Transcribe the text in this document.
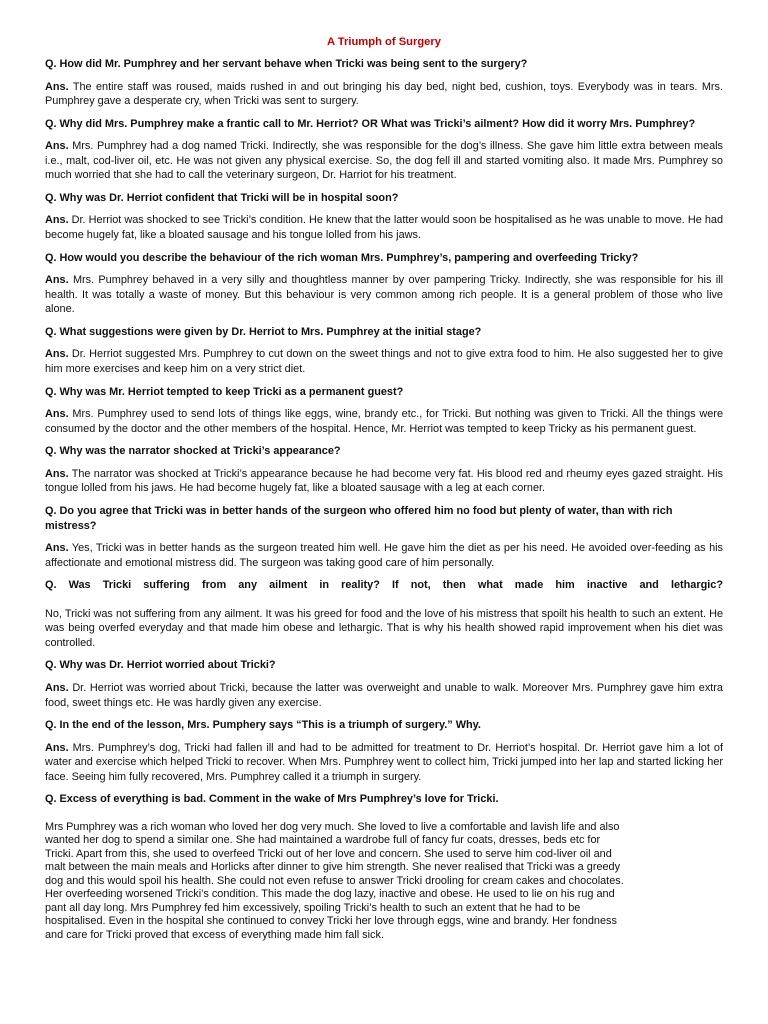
A Triumph of Surgery
Q. How did Mr. Pumphrey and her servant behave when Tricki was being sent to the surgery?
Ans. The entire staff was roused, maids rushed in and out bringing his day bed, night bed, cushion, toys. Everybody was in tears. Mrs. Pumphrey gave a desperate cry, when Tricki was sent to surgery.
Q. Why did Mrs. Pumphrey make a frantic call to Mr. Herriot? OR What was Tricki’s ailment? How did it worry Mrs. Pumphrey?
Ans. Mrs. Pumphrey had a dog named Tricki. Indirectly, she was responsible for the dog’s illness. She gave him little extra between meals i.e., malt, cod-liver oil, etc. He was not given any physical exercise. So, the dog fell ill and started vomiting also. It made Mrs. Pumphrey so much worried that she had to call the veterinary surgeon, Dr. Harriot for his treatment.
Q. Why was Dr. Herriot confident that Tricki will be in hospital soon?
Ans. Dr. Herriot was shocked to see Tricki’s condition. He knew that the latter would soon be hospitalised as he was unable to move. He had become hugely fat, like a bloated sausage and his tongue lolled from his jaws.
Q. How would you describe the behaviour of the rich woman Mrs. Pumphrey’s, pampering and overfeeding Tricky?
Ans. Mrs. Pumphrey behaved in a very silly and thoughtless manner by over pampering Tricky. Indirectly, she was responsible for his ill health. It was totally a waste of money. But this behaviour is very common among rich people. It is a general problem of those who live alone.
Q. What suggestions were given by Dr. Herriot to Mrs. Pumphrey at the initial stage?
Ans. Dr. Herriot suggested Mrs. Pumphrey to cut down on the sweet things and not to give extra food to him. He also suggested her to give him more exercises and keep him on a very strict diet.
Q. Why was Mr. Herriot tempted to keep Tricki as a permanent guest?
Ans. Mrs. Pumphrey used to send lots of things like eggs, wine, brandy etc., for Tricki. But nothing was given to Tricki. All the things were consumed by the doctor and the other members of the hospital. Hence, Mr. Herriot was tempted to keep Tricky as his permanent guest.
Q. Why was the narrator shocked at Tricki’s appearance?
Ans. The narrator was shocked at Tricki’s appearance because he had become very fat. His blood red and rheumy eyes gazed straight. His tongue lolled from his jaws. He had become hugely fat, like a bloated sausage with a leg at each corner.
Q. Do you agree that Tricki was in better hands of the surgeon who offered him no food but plenty of water, than with rich mistress?
Ans. Yes, Tricki was in better hands as the surgeon treated him well. He gave him the diet as per his need. He avoided over-feeding as his affectionate and emotional mistress did. The surgeon was taking good care of him personally.
Q. Was Tricki suffering from any ailment in reality? If not, then what made him inactive and lethargic?
No, Tricki was not suffering from any ailment. It was his greed for food and the love of his mistress that spoilt his health to such an extent. He was being overfed everyday and that made him obese and lethargic. That is why his health showed rapid improvement when his diet was controlled.
Q. Why was Dr. Herriot worried about Tricki?
Ans. Dr. Herriot was worried about Tricki, because the latter was overweight and unable to walk. Moreover Mrs. Pumphrey gave him extra food, sweet things etc. He was hardly given any exercise.
Q. In the end of the lesson, Mrs. Pumphery says “This is a triumph of surgery.” Why.
Ans. Mrs. Pumphrey’s dog, Tricki had fallen ill and had to be admitted for treatment to Dr. Herriot’s hospital. Dr. Herriot gave him a lot of water and exercise which helped Tricki to recover. When Mrs. Pumphrey went to collect him, Tricki jumped into her lap and started licking her face. Seeing him fully recovered, Mrs. Pumphrey called it a triumph in surgery.
Q. Excess of everything is bad. Comment in the wake of Mrs Pumphrey’s love for Tricki.
Mrs Pumphrey was a rich woman who loved her dog very much. She loved to live a comfortable and lavish life and also
wanted her dog to spend a similar one. She had maintained a wardrobe full of fancy fur coats, dresses, beds etc for
Tricki. Apart from this, she used to overfeed Tricki out of her love and concern. She used to serve him cod-liver oil and
malt between the main meals and Horlicks after dinner to give him strength. She never realised that Tricki was a greedy
dog and this would spoil his health. She could not even refuse to answer Tricki drooling for cream cakes and chocolates.
Her overfeeding worsened Tricki’s condition. This made the dog lazy, inactive and obese. He used to lie on his rug and
pant all day long. Mrs Pumphrey fed him excessively, spoiling Tricki’s health to such an extent that he had to be
hospitalised. Even in the hospital she continued to convey Tricki her love through eggs, wine and brandy. Her fondness
and care for Tricki proved that excess of everything made him fall sick.
